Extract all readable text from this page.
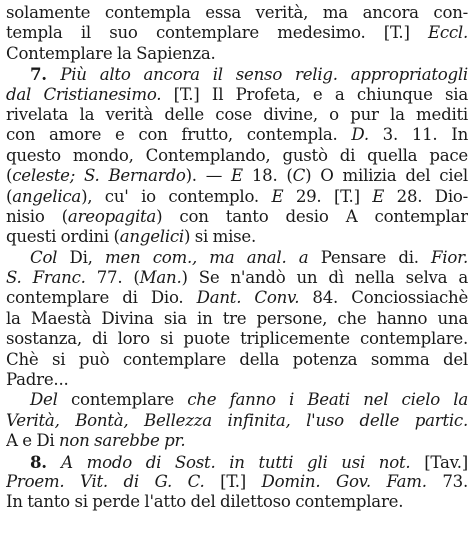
solamente contempla essa verità, ma ancora con-
templa il suo contemplare medesimo. [T.] Eccl.
Contemplare la Sapienza.
7. Più alto ancora il senso relig. appropriatogli
dal Cristianesimo. [T.] Il Profeta, e a chiunque sia
rivelata la verità delle cose divine, o pur la mediti
con amore e con frutto, contempla. D. 3. 11. In
questo mondo, Contemplando, gustò di quella pace
(celeste; S. Bernardo). — E 18. (C) O milizia del ciel
(angelica), cu' io contemplo. E 29. [T.] E 28. Dio-
nisio (areopagita) con tanto desio A contemplar
questi ordini (angelici) si mise.
Col Di, men com., ma anal. a Pensare di. Fior.
S. Franc. 77. (Man.) Se n'andò un dì nella selva a
contemplare di Dio. Dant. Conv. 84. Conciossiachè
la Maestà Divina sia in tre persone, che hanno una
sostanza, di loro si puote triplicemente contemplare.
Chè si può contemplare della potenza somma del
Padre...
Del contemplare che fanno i Beati nel cielo la
Verità, Bontà, Bellezza infinita, l'uso delle partic.
A e Di non sarebbe pr.
8. A modo di Sost. in tutti gli usi not. [Tav.]
Proem. Vit. di G. C. [T.] Domin. Gov. Fam. 73.
In tanto si perde l'atto del dilettoso contemplare.
